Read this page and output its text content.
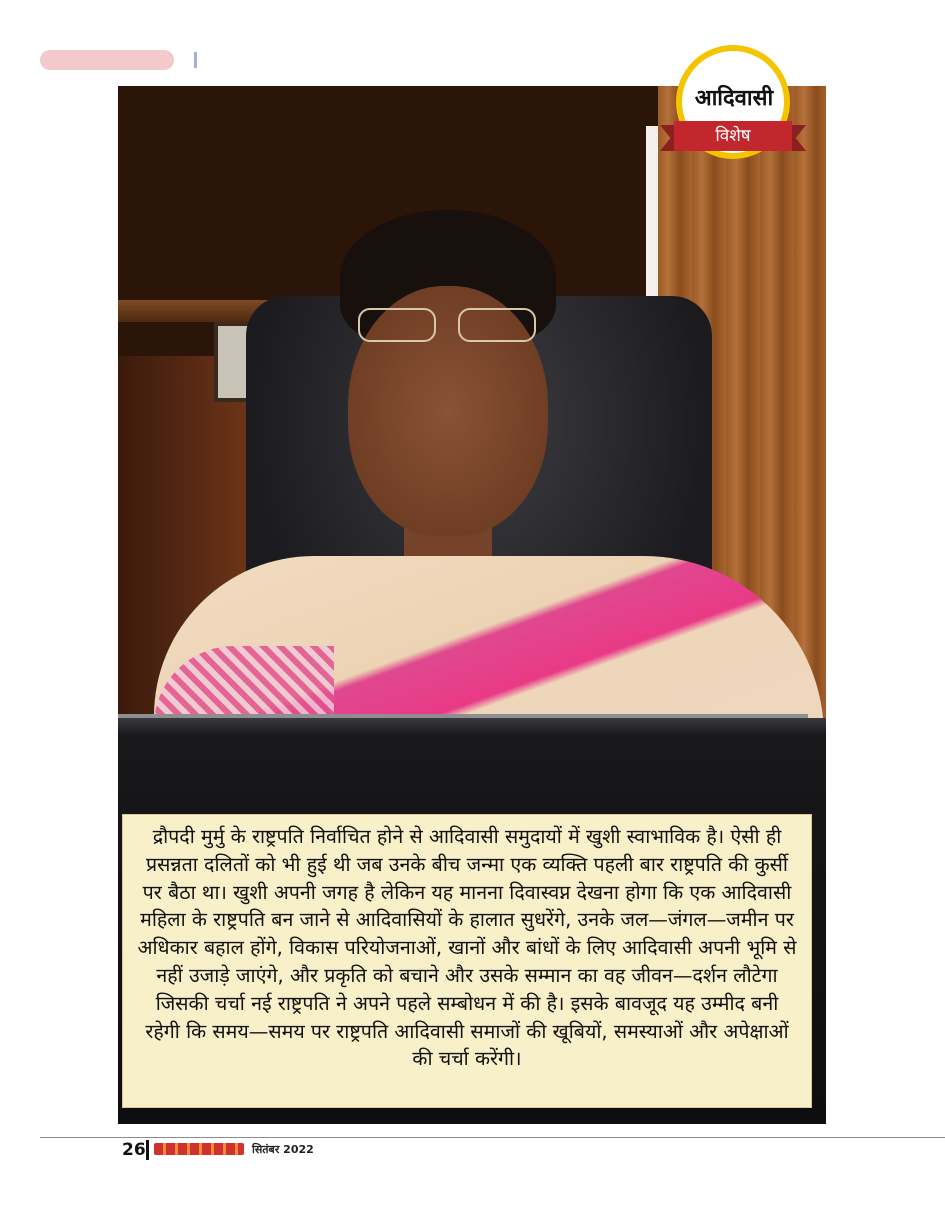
आदिवासी
विशेष

द्रौपदी मुर्मु के राष्ट्रपति निर्वाचित होने से आदिवासी समुदायों में खुशी स्वाभाविक है। ऐसी ही प्रसन्नता दलितों को भी हुई थी जब उनके बीच जन्मा एक व्यक्ति पहली बार राष्ट्रपति की कुर्सी पर बैठा था। खुशी अपनी जगह है लेकिन यह मानना दिवास्वप्न देखना होगा कि एक आदिवासी महिला के राष्ट्रपति बन जाने से आदिवासियों के हालात सुधरेंगे, उनके जल—जंगल—जमीन पर अधिकार बहाल होंगे, विकास परियोजनाओं, खानों और बांधों के लिए आदिवासी अपनी भूमि से नहीं उजाड़े जाएंगे, और प्रकृति को बचाने और उसके सम्मान का वह जीवन—दर्शन लौटेगा जिसकी चर्चा नई राष्ट्रपति ने अपने पहले सम्बोधन में की है। इसके बावजूद यह उम्मीद बनी रहेगी कि समय—समय पर राष्ट्रपति आदिवासी समाजों की खूबियों, समस्याओं और अपेक्षाओं की चर्चा करेंगी।

26	सितंबर 2022
